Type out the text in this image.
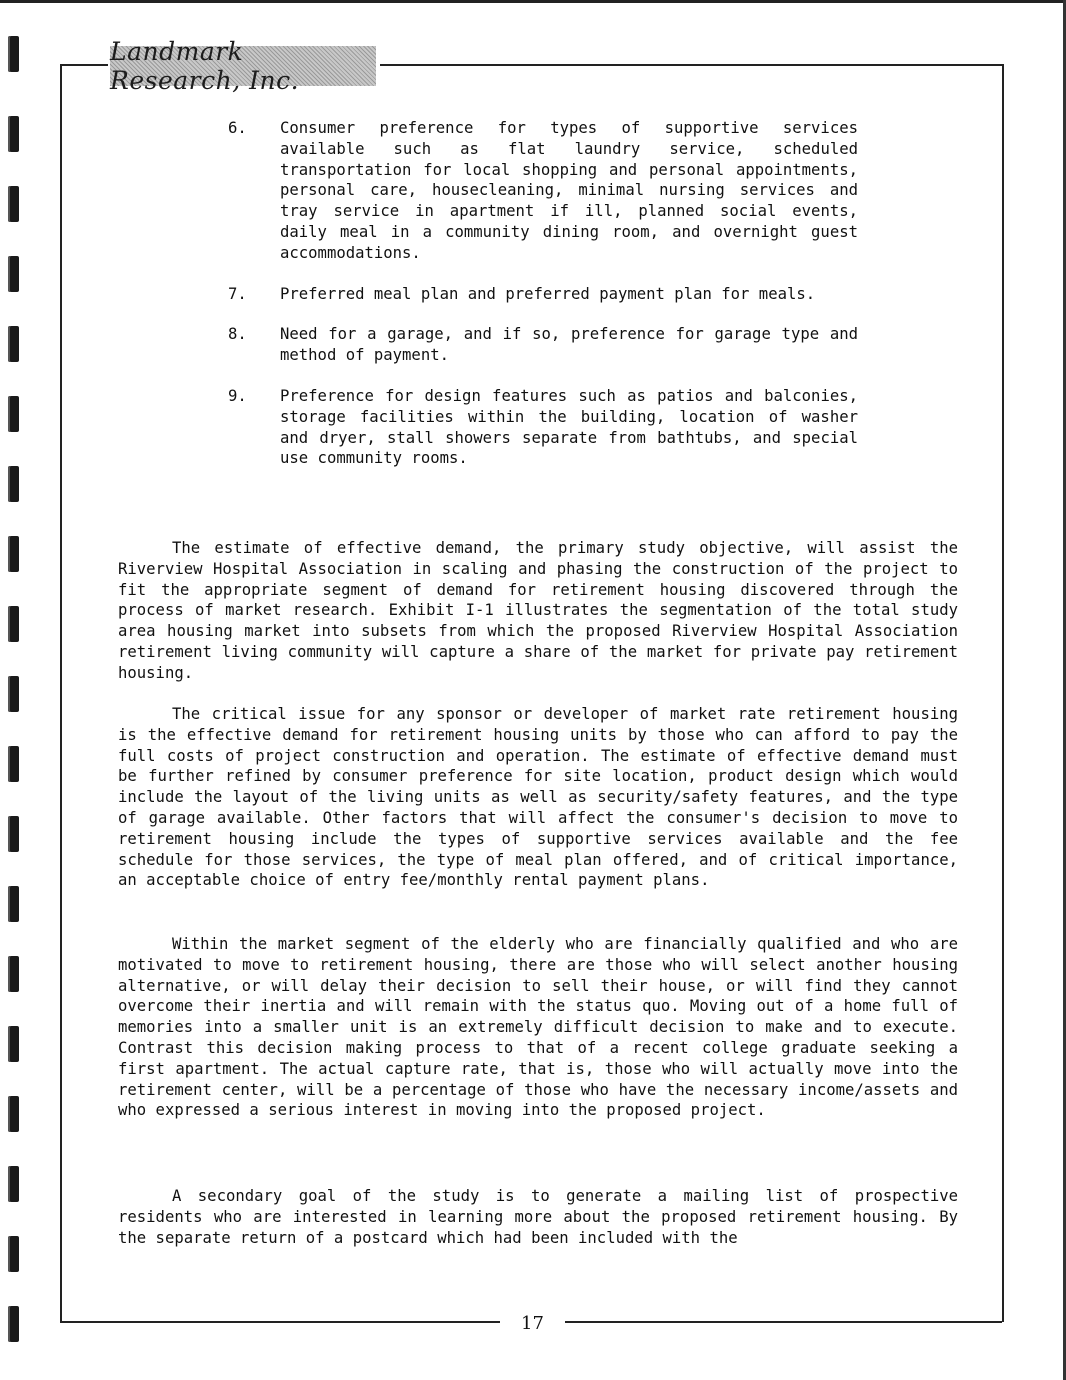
Landmark Research, Inc.
6.	Consumer preference for types of supportive services available such as flat laundry service, scheduled transportation for local shopping and personal appointments, personal care, housecleaning, minimal nursing services and tray service in apartment if ill, planned social events, daily meal in a community dining room, and overnight guest accommodations.
7.	Preferred meal plan and preferred payment plan for meals.
8.	Need for a garage, and if so, preference for garage type and method of payment.
9.	Preference for design features such as patios and balconies, storage facilities within the building, location of washer and dryer, stall showers separate from bathtubs, and special use community rooms.

The estimate of effective demand, the primary study objective, will assist the Riverview Hospital Association in scaling and phasing the construction of the project to fit the appropriate segment of demand for retirement housing discovered through the process of market research. Exhibit I-1 illustrates the segmentation of the total study area housing market into subsets from which the proposed Riverview Hospital Association retirement living community will capture a share of the market for private pay retirement housing.

The critical issue for any sponsor or developer of market rate retirement housing is the effective demand for retirement housing units by those who can afford to pay the full costs of project construction and operation. The estimate of effective demand must be further refined by consumer preference for site location, product design which would include the layout of the living units as well as security/safety features, and the type of garage available. Other factors that will affect the consumer's decision to move to retirement housing include the types of supportive services available and the fee schedule for those services, the type of meal plan offered, and of critical importance, an acceptable choice of entry fee/monthly rental payment plans.

Within the market segment of the elderly who are financially qualified and who are motivated to move to retirement housing, there are those who will select another housing alternative, or will delay their decision to sell their house, or will find they cannot overcome their inertia and will remain with the status quo. Moving out of a home full of memories into a smaller unit is an extremely difficult decision to make and to execute. Contrast this decision making process to that of a recent college graduate seeking a first apartment. The actual capture rate, that is, those who will actually move into the retirement center, will be a percentage of those who have the necessary income/assets and who expressed a serious interest in moving into the proposed project.

A secondary goal of the study is to generate a mailing list of prospective residents who are interested in learning more about the proposed retirement housing. By the separate return of a postcard which had been included with the

17
